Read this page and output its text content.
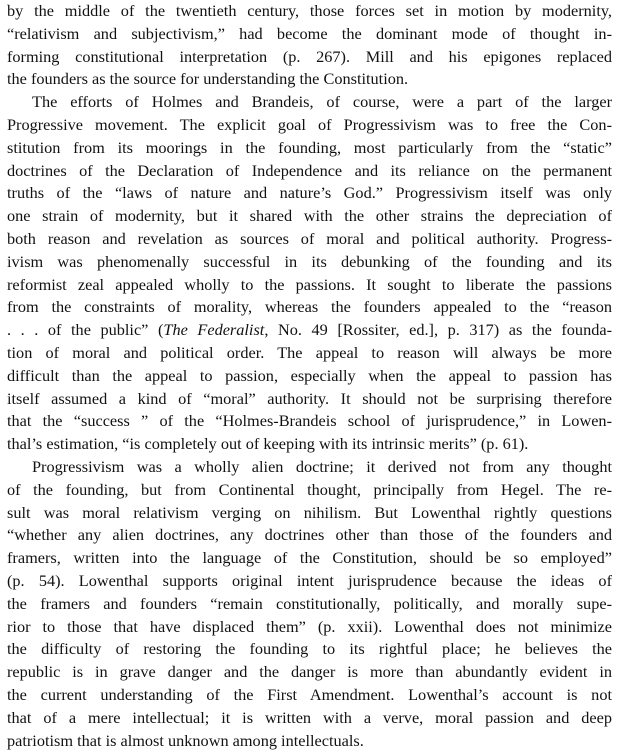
by the middle of the twentieth century, those forces set in motion by modernity,
“relativism and subjectivism,” had become the dominant mode of thought in-
forming constitutional interpretation (p. 267). Mill and his epigones replaced
the founders as the source for understanding the Constitution.
The efforts of Holmes and Brandeis, of course, were a part of the larger
Progressive movement. The explicit goal of Progressivism was to free the Con-
stitution from its moorings in the founding, most particularly from the “static”
doctrines of the Declaration of Independence and its reliance on the permanent
truths of the “laws of nature and nature’s God.” Progressivism itself was only
one strain of modernity, but it shared with the other strains the depreciation of
both reason and revelation as sources of moral and political authority. Progress-
ivism was phenomenally successful in its debunking of the founding and its
reformist zeal appealed wholly to the passions. It sought to liberate the passions
from the constraints of morality, whereas the founders appealed to the “reason
. . . of the public” (The Federalist, No. 49 [Rossiter, ed.], p. 317) as the founda-
tion of moral and political order. The appeal to reason will always be more
difficult than the appeal to passion, especially when the appeal to passion has
itself assumed a kind of “moral” authority. It should not be surprising therefore
that the “success ” of the “Holmes-Brandeis school of jurisprudence,” in Lowen-
thal’s estimation, “is completely out of keeping with its intrinsic merits” (p. 61).
Progressivism was a wholly alien doctrine; it derived not from any thought
of the founding, but from Continental thought, principally from Hegel. The re-
sult was moral relativism verging on nihilism. But Lowenthal rightly questions
“whether any alien doctrines, any doctrines other than those of the founders and
framers, written into the language of the Constitution, should be so employed”
(p. 54). Lowenthal supports original intent jurisprudence because the ideas of
the framers and founders “remain constitutionally, politically, and morally supe-
rior to those that have displaced them” (p. xxii). Lowenthal does not minimize
the difficulty of restoring the founding to its rightful place; he believes the
republic is in grave danger and the danger is more than abundantly evident in
the current understanding of the First Amendment. Lowenthal’s account is not
that of a mere intellectual; it is written with a verve, moral passion and deep
patriotism that is almost unknown among intellectuals.
